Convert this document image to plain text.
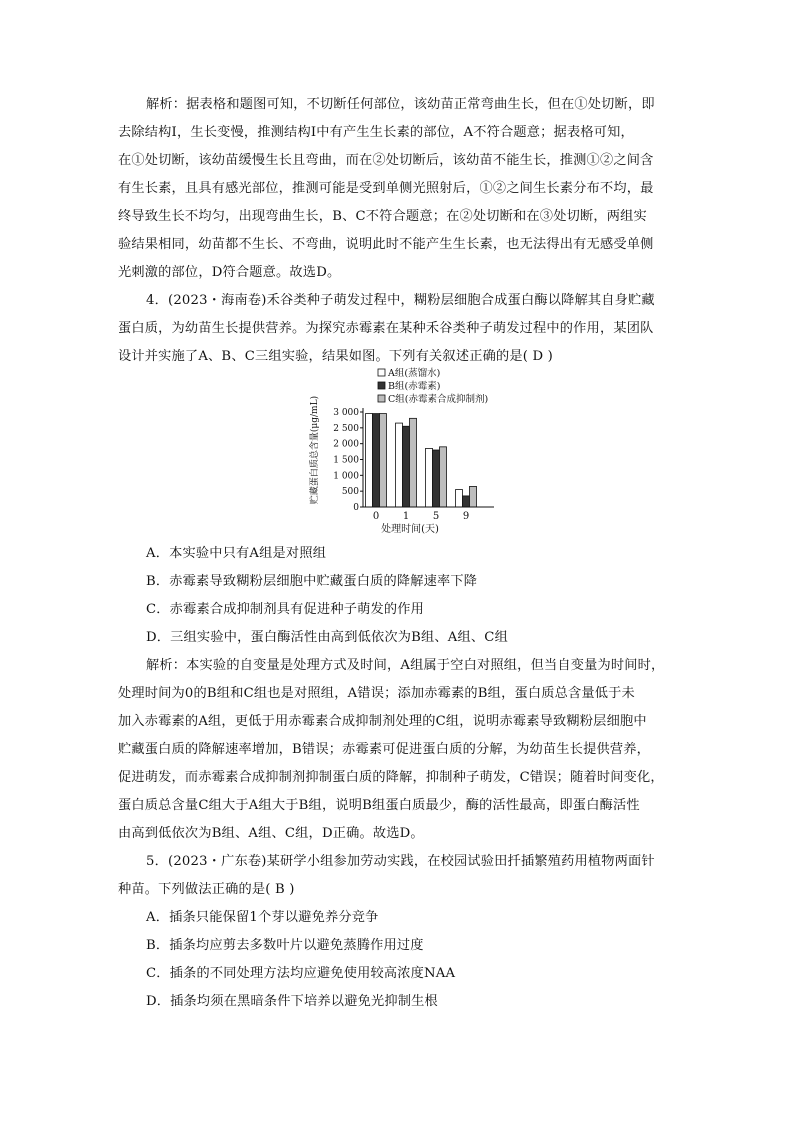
解析：据表格和题图可知，不切断任何部位，该幼苗正常弯曲生长，但在①处切断，即
去除结构Ⅰ，生长变慢，推测结构Ⅰ中有产生生长素的部位，A不符合题意；据表格可知，
在①处切断，该幼苗缓慢生长且弯曲，而在②处切断后，该幼苗不能生长，推测①②之间含
有生长素，且具有感光部位，推测可能是受到单侧光照射后，①②之间生长素分布不均，最
终导致生长不均匀，出现弯曲生长，B、C不符合题意；在②处切断和在③处切断，两组实
验结果相同，幼苗都不生长、不弯曲，说明此时不能产生生长素，也无法得出有无感受单侧
光刺激的部位，D符合题意。故选D。
4．(2023・海南卷)禾谷类种子萌发过程中，糊粉层细胞合成蛋白酶以降解其自身贮藏
蛋白质，为幼苗生长提供营养。为探究赤霉素在某种禾谷类种子萌发过程中的作用，某团队
设计并实施了A、B、C三组实验，结果如图。下列有关叙述正确的是( D )
A组(蒸馏水)
B组(赤霉素)
C组(赤霉素合成抑制剂)
0
500
1 000
1 500
2 000
2 500
3 000
0 1 5 9
贮藏蛋白质总含量(μg/mL)
处理时间(天)
A．本实验中只有A组是对照组
B．赤霉素导致糊粉层细胞中贮藏蛋白质的降解速率下降
C．赤霉素合成抑制剂具有促进种子萌发的作用
D．三组实验中，蛋白酶活性由高到低依次为B组、A组、C组
解析：本实验的自变量是处理方式及时间，A组属于空白对照组，但当自变量为时间时，
处理时间为0的B组和C组也是对照组，A错误；添加赤霉素的B组，蛋白质总含量低于未
加入赤霉素的A组，更低于用赤霉素合成抑制剂处理的C组，说明赤霉素导致糊粉层细胞中
贮藏蛋白质的降解速率增加，B错误；赤霉素可促进蛋白质的分解，为幼苗生长提供营养，
促进萌发，而赤霉素合成抑制剂抑制蛋白质的降解，抑制种子萌发，C错误；随着时间变化，
蛋白质总含量C组大于A组大于B组，说明B组蛋白质最少，酶的活性最高，即蛋白酶活性
由高到低依次为B组、A组、C组，D正确。故选D。
5．(2023・广东卷)某研学小组参加劳动实践，在校园试验田扦插繁殖药用植物两面针
种苗。下列做法正确的是( B )
A．插条只能保留1个芽以避免养分竞争
B．插条均应剪去多数叶片以避免蒸腾作用过度
C．插条的不同处理方法均应避免使用较高浓度NAA
D．插条均须在黑暗条件下培养以避免光抑制生根
